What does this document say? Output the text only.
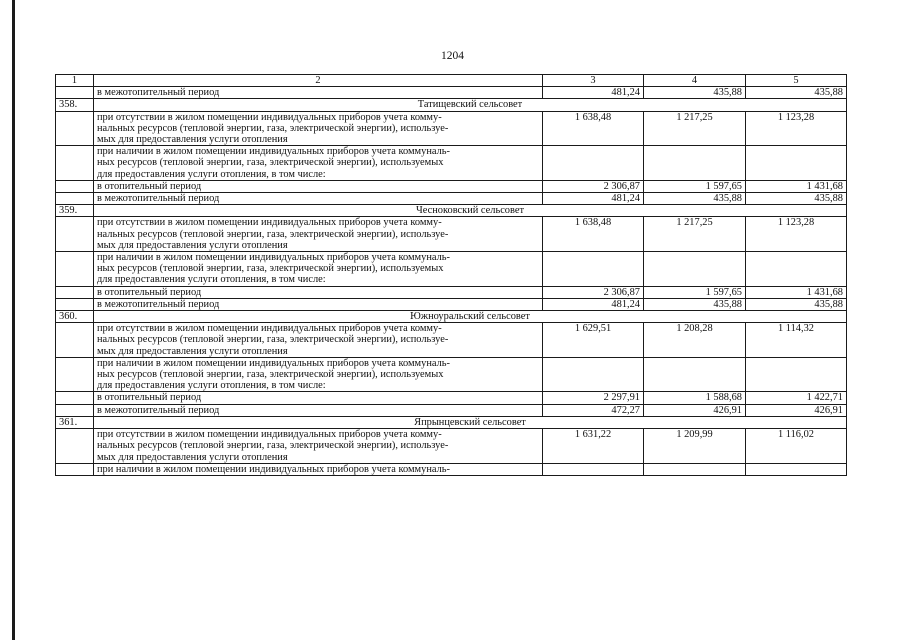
1204
1	2	3	4	5

	в межотопительный период	481,24	435,88	435,88
358.	Татищевский сельсовет			

	при отсутствии в жилом помещении индивидуальных приборов учета комму-
нальных ресурсов (тепловой энергии, газа, электрической энергии), используе-
мых для предоставления услуги отопления	1 638,48	1 217,25	1 123,28

	при наличии в жилом помещении индивидуальных приборов учета коммуналь-
ных ресурсов (тепловой энергии, газа, электрической энергии), используемых
для предоставления услуги отопления, в том числе:			

	в отопительный период	2 306,87	1 597,65	1 431,68

	в межотопительный период	481,24	435,88	435,88
359.	Чесноковский сельсовет			

	при отсутствии в жилом помещении индивидуальных приборов учета комму-
нальных ресурсов (тепловой энергии, газа, электрической энергии), используе-
мых для предоставления услуги отопления	1 638,48	1 217,25	1 123,28

	при наличии в жилом помещении индивидуальных приборов учета коммуналь-
ных ресурсов (тепловой энергии, газа, электрической энергии), используемых
для предоставления услуги отопления, в том числе:			

	в отопительный период	2 306,87	1 597,65	1 431,68

	в межотопительный период	481,24	435,88	435,88
360.	Южноуральский сельсовет			

	при отсутствии в жилом помещении индивидуальных приборов учета комму-
нальных ресурсов (тепловой энергии, газа, электрической энергии), используе-
мых для предоставления услуги отопления	1 629,51	1 208,28	1 114,32

	при наличии в жилом помещении индивидуальных приборов учета коммуналь-
ных ресурсов (тепловой энергии, газа, электрической энергии), используемых
для предоставления услуги отопления, в том числе:			

	в отопительный период	2 297,91	1 588,68	1 422,71

	в межотопительный период	472,27	426,91	426,91
361.	Япрынцевский сельсовет			

	при отсутствии в жилом помещении индивидуальных приборов учета комму-
нальных ресурсов (тепловой энергии, газа, электрической энергии), используе-
мых для предоставления услуги отопления	1 631,22	1 209,99	1 116,02

	при наличии в жилом помещении индивидуальных приборов учета коммуналь-			
